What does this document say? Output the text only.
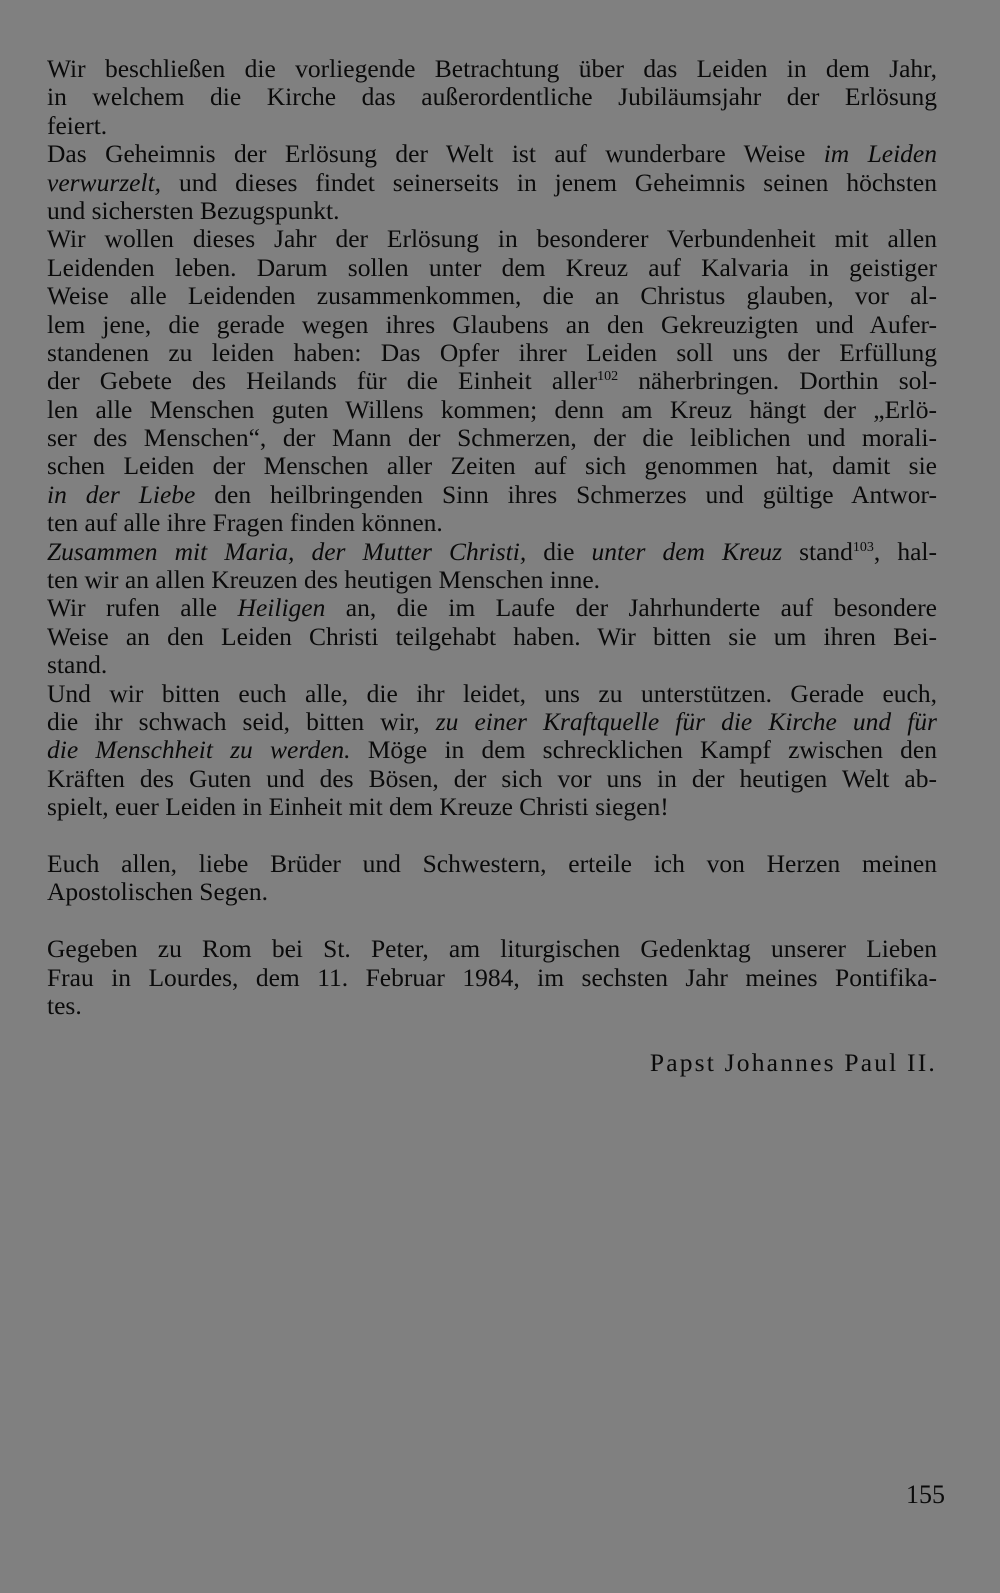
Wir beschließen die vorliegende Betrachtung über das Leiden in dem Jahr,
in welchem die Kirche das außerordentliche Jubiläumsjahr der Erlösung
feiert.
Das Geheimnis der Erlösung der Welt ist auf wunderbare Weise im Leiden
verwurzelt, und dieses findet seinerseits in jenem Geheimnis seinen höchsten
und sichersten Bezugspunkt.
Wir wollen dieses Jahr der Erlösung in besonderer Verbundenheit mit allen
Leidenden leben. Darum sollen unter dem Kreuz auf Kalvaria in geistiger
Weise alle Leidenden zusammenkommen, die an Christus glauben, vor al-
lem jene, die gerade wegen ihres Glaubens an den Gekreuzigten und Aufer-
standenen zu leiden haben: Das Opfer ihrer Leiden soll uns der Erfüllung
der Gebete des Heilands für die Einheit aller$^{102}$ näherbringen. Dorthin sol-
len alle Menschen guten Willens kommen; denn am Kreuz hängt der „Erlö-
ser des Menschen“, der Mann der Schmerzen, der die leiblichen und morali-
schen Leiden der Menschen aller Zeiten auf sich genommen hat, damit sie
in der Liebe den heilbringenden Sinn ihres Schmerzes und gültige Antwor-
ten auf alle ihre Fragen finden können.
Zusammen mit Maria, der Mutter Christi, die unter dem Kreuz stand$^{103}$, hal-
ten wir an allen Kreuzen des heutigen Menschen inne.
Wir rufen alle Heiligen an, die im Laufe der Jahrhunderte auf besondere
Weise an den Leiden Christi teilgehabt haben. Wir bitten sie um ihren Bei-
stand.
Und wir bitten euch alle, die ihr leidet, uns zu unterstützen. Gerade euch,
die ihr schwach seid, bitten wir, zu einer Kraftquelle für die Kirche und für
die Menschheit zu werden. Möge in dem schrecklichen Kampf zwischen den
Kräften des Guten und des Bösen, der sich vor uns in der heutigen Welt ab-
spielt, euer Leiden in Einheit mit dem Kreuze Christi siegen!
Euch allen, liebe Brüder und Schwestern, erteile ich von Herzen meinen
Apostolischen Segen.
Gegeben zu Rom bei St. Peter, am liturgischen Gedenktag unserer Lieben
Frau in Lourdes, dem 11. Februar 1984, im sechsten Jahr meines Pontifika-
tes.
Papst Johannes Paul II.
155
